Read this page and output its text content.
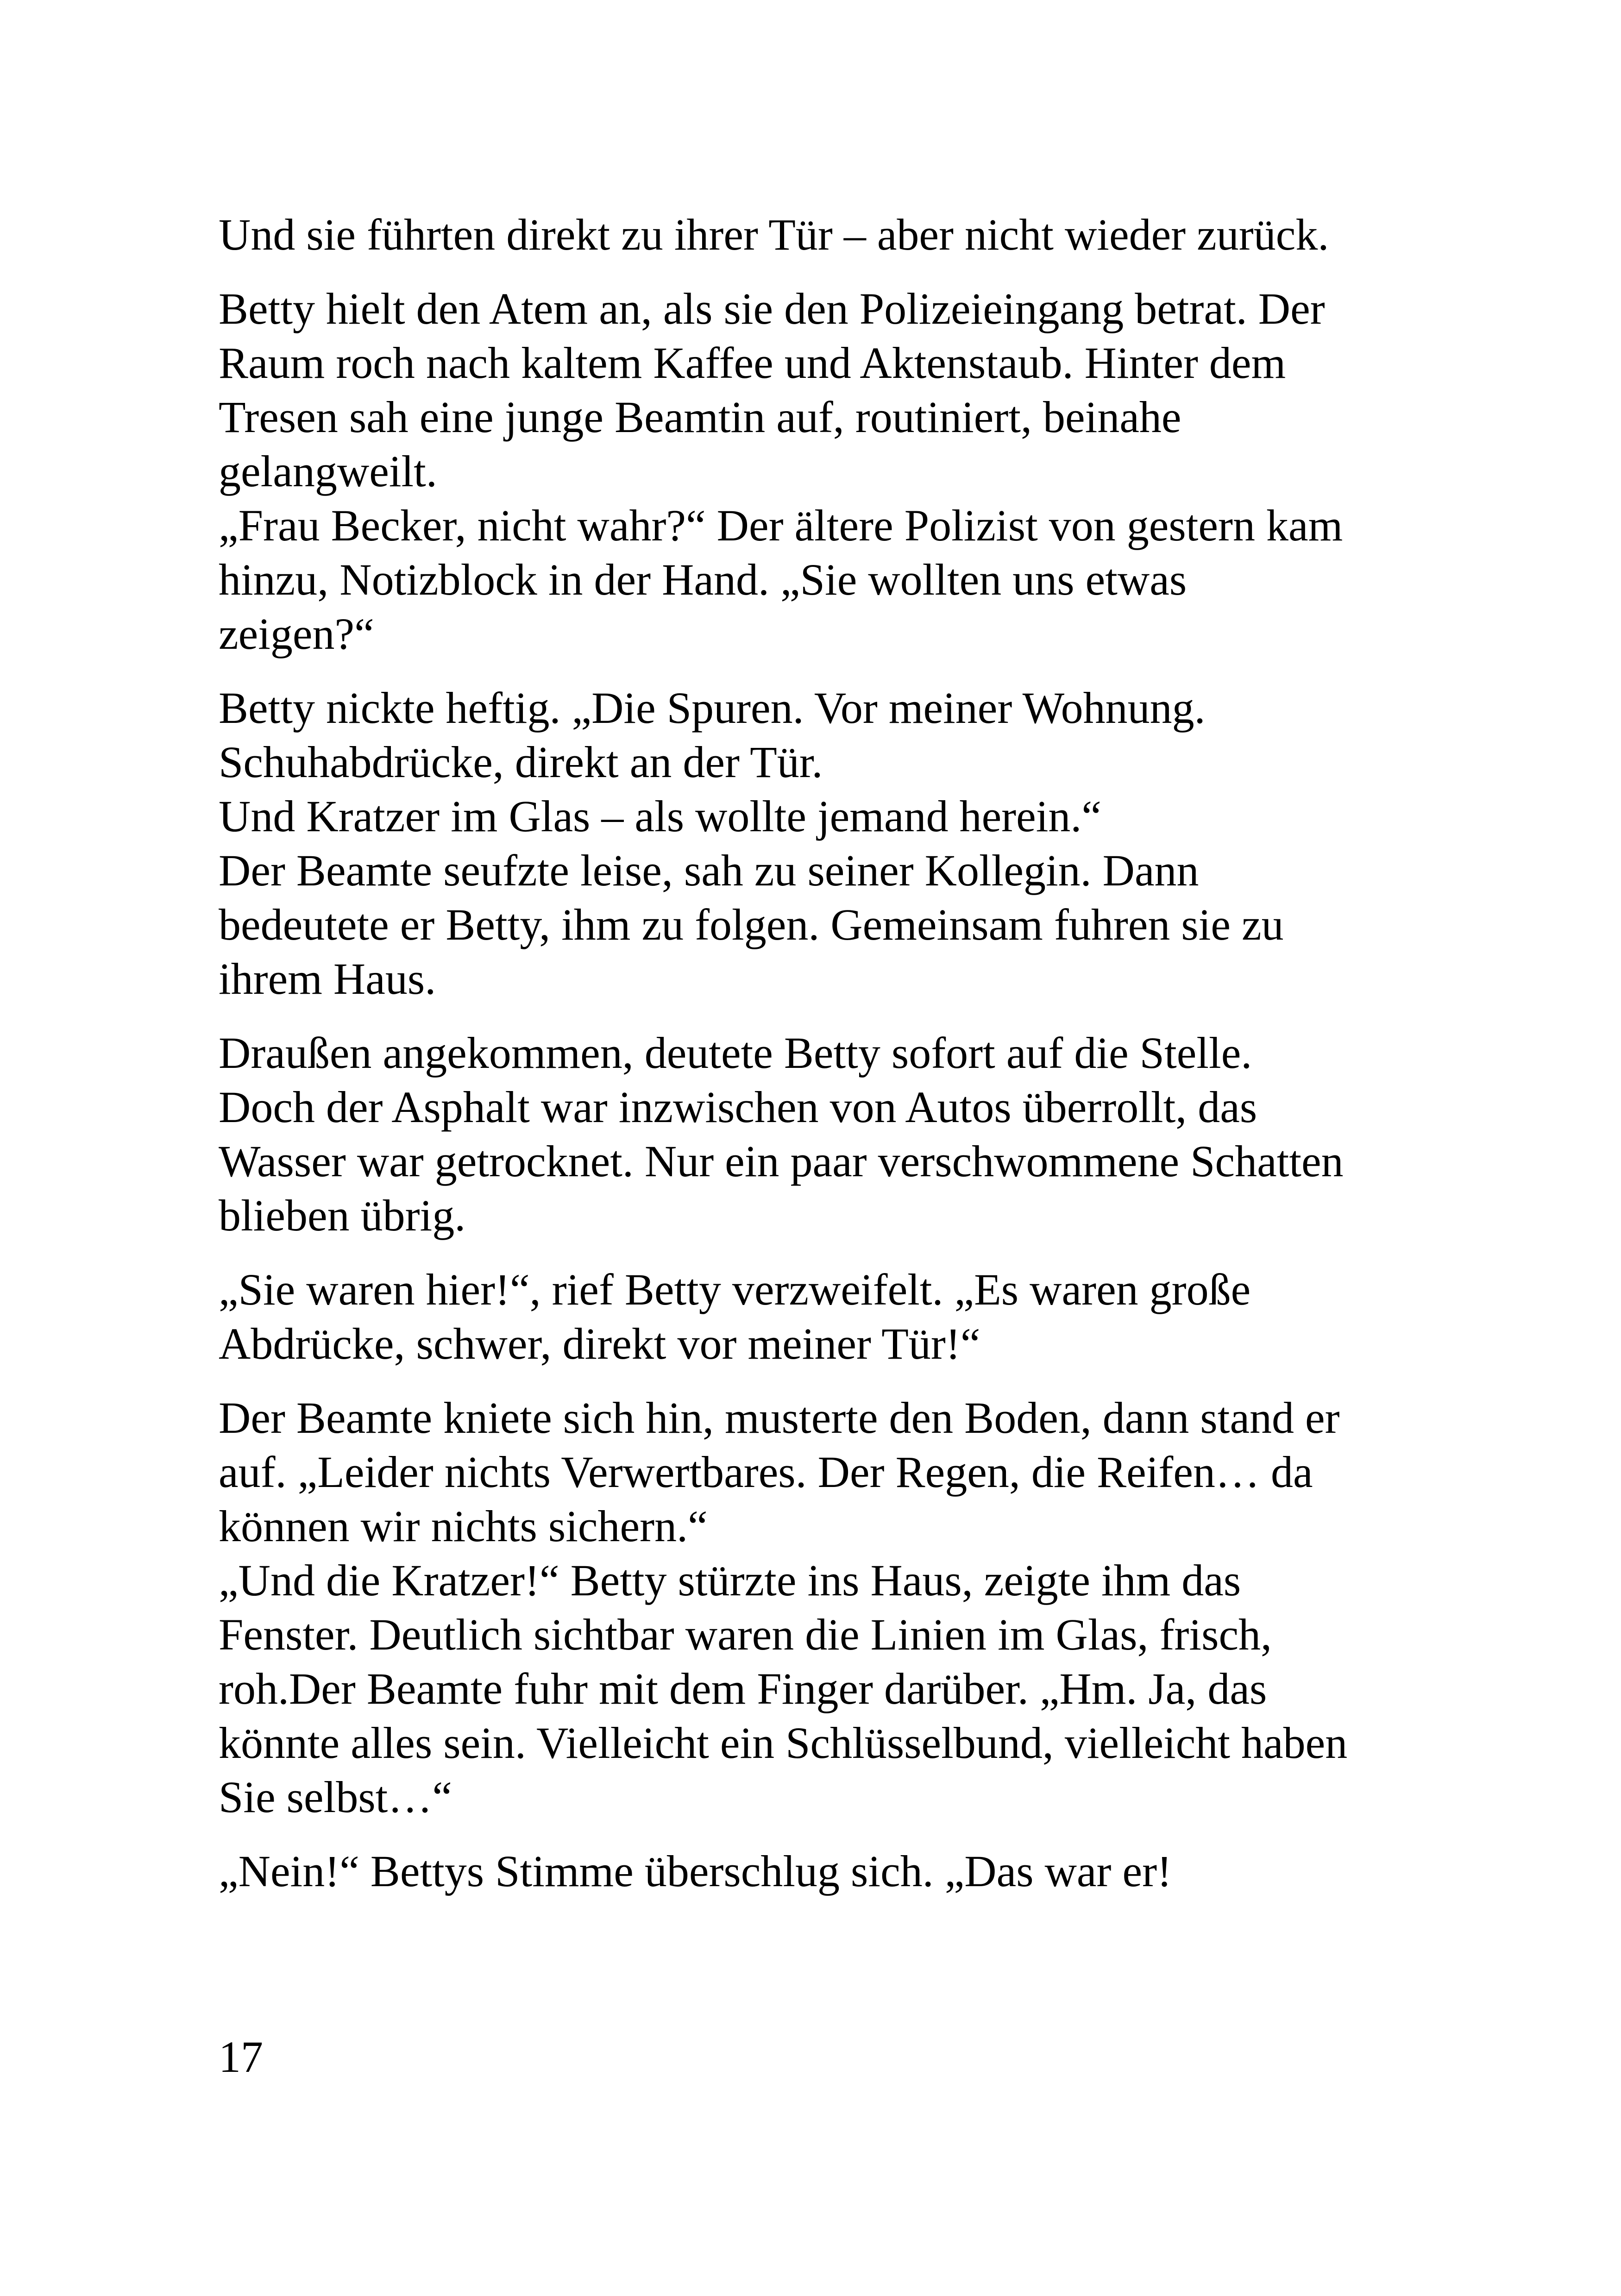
Und sie führten direkt zu ihrer Tür – aber nicht wieder zurück.

Betty hielt den Atem an, als sie den Polizeieingang betrat. Der
Raum roch nach kaltem Kaffee und Aktenstaub. Hinter dem
Tresen sah eine junge Beamtin auf, routiniert, beinahe
gelangweilt.
„Frau Becker, nicht wahr?“ Der ältere Polizist von gestern kam
hinzu, Notizblock in der Hand. „Sie wollten uns etwas
zeigen?“

Betty nickte heftig. „Die Spuren. Vor meiner Wohnung.
Schuhabdrücke, direkt an der Tür.
Und Kratzer im Glas – als wollte jemand herein.“
Der Beamte seufzte leise, sah zu seiner Kollegin. Dann
bedeutete er Betty, ihm zu folgen. Gemeinsam fuhren sie zu
ihrem Haus.

Draußen angekommen, deutete Betty sofort auf die Stelle.
Doch der Asphalt war inzwischen von Autos überrollt, das
Wasser war getrocknet. Nur ein paar verschwommene Schatten
blieben übrig.

„Sie waren hier!“, rief Betty verzweifelt. „Es waren große
Abdrücke, schwer, direkt vor meiner Tür!“

Der Beamte kniete sich hin, musterte den Boden, dann stand er
auf. „Leider nichts Verwertbares. Der Regen, die Reifen… da
können wir nichts sichern.“
„Und die Kratzer!“ Betty stürzte ins Haus, zeigte ihm das
Fenster. Deutlich sichtbar waren die Linien im Glas, frisch,
roh.Der Beamte fuhr mit dem Finger darüber. „Hm. Ja, das
könnte alles sein. Vielleicht ein Schlüsselbund, vielleicht haben
Sie selbst…“

„Nein!“ Bettys Stimme überschlug sich. „Das war er!

17
